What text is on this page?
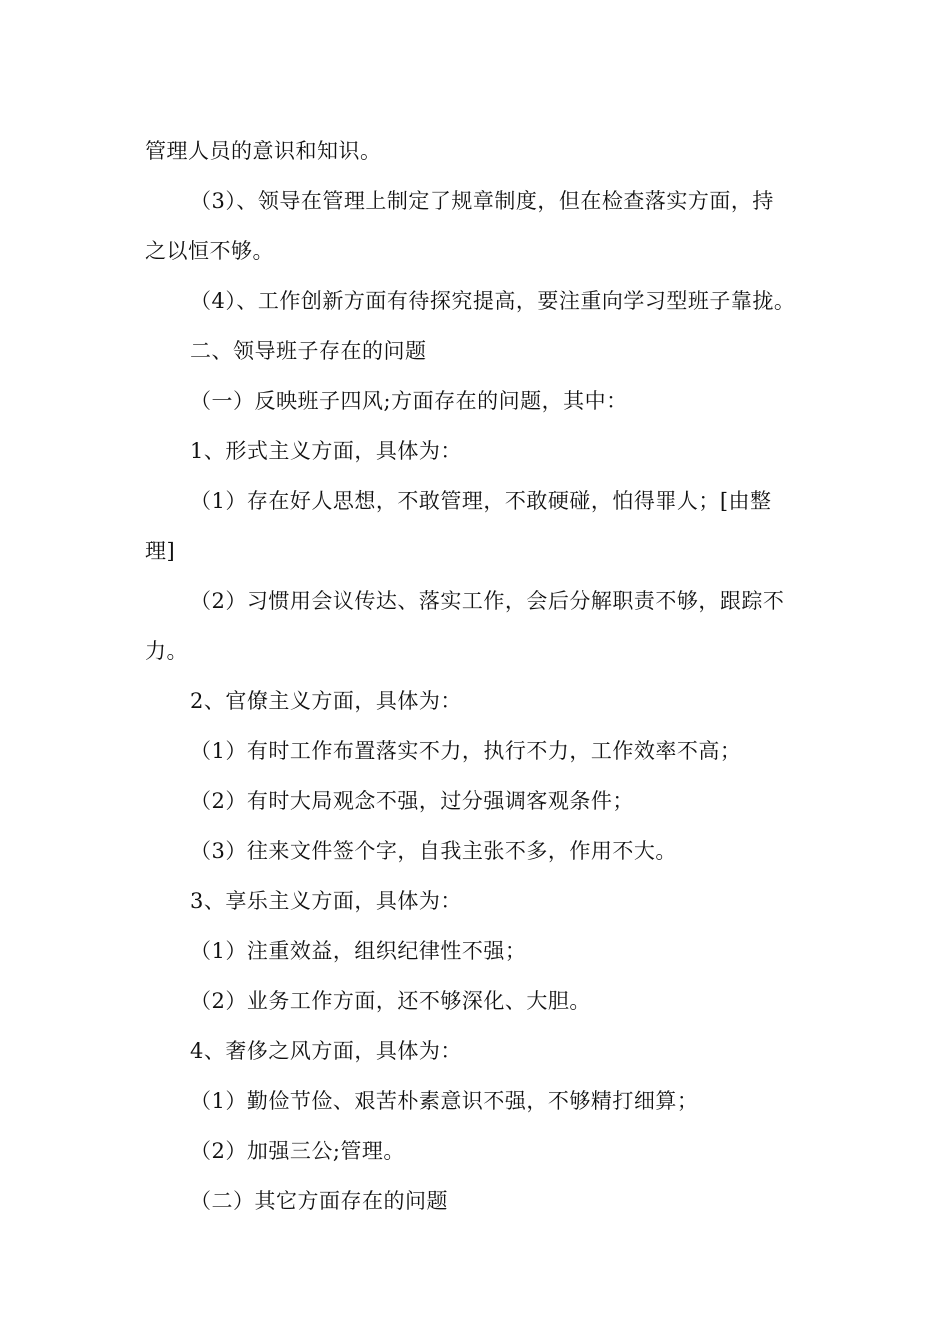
管理人员的意识和知识。
（3）、领导在管理上制定了规章制度，但在检查落实方面，持
之以恒不够。
（4）、工作创新方面有待探究提高，要注重向学习型班子靠拢。
二、领导班子存在的问题
（一）反映班子四风;方面存在的问题，其中：
1、形式主义方面，具体为：
（1）存在好人思想，不敢管理，不敢硬碰，怕得罪人；[由整
理]
（2）习惯用会议传达、落实工作，会后分解职责不够，跟踪不
力。
2、官僚主义方面，具体为：
（1）有时工作布置落实不力，执行不力，工作效率不高；
（2）有时大局观念不强，过分强调客观条件；
（3）往来文件签个字，自我主张不多，作用不大。
3、享乐主义方面，具体为：
（1）注重效益，组织纪律性不强；
（2）业务工作方面，还不够深化、大胆。
4、奢侈之风方面，具体为：
（1）勤俭节俭、艰苦朴素意识不强，不够精打细算；
（2）加强三公;管理。
（二）其它方面存在的问题
